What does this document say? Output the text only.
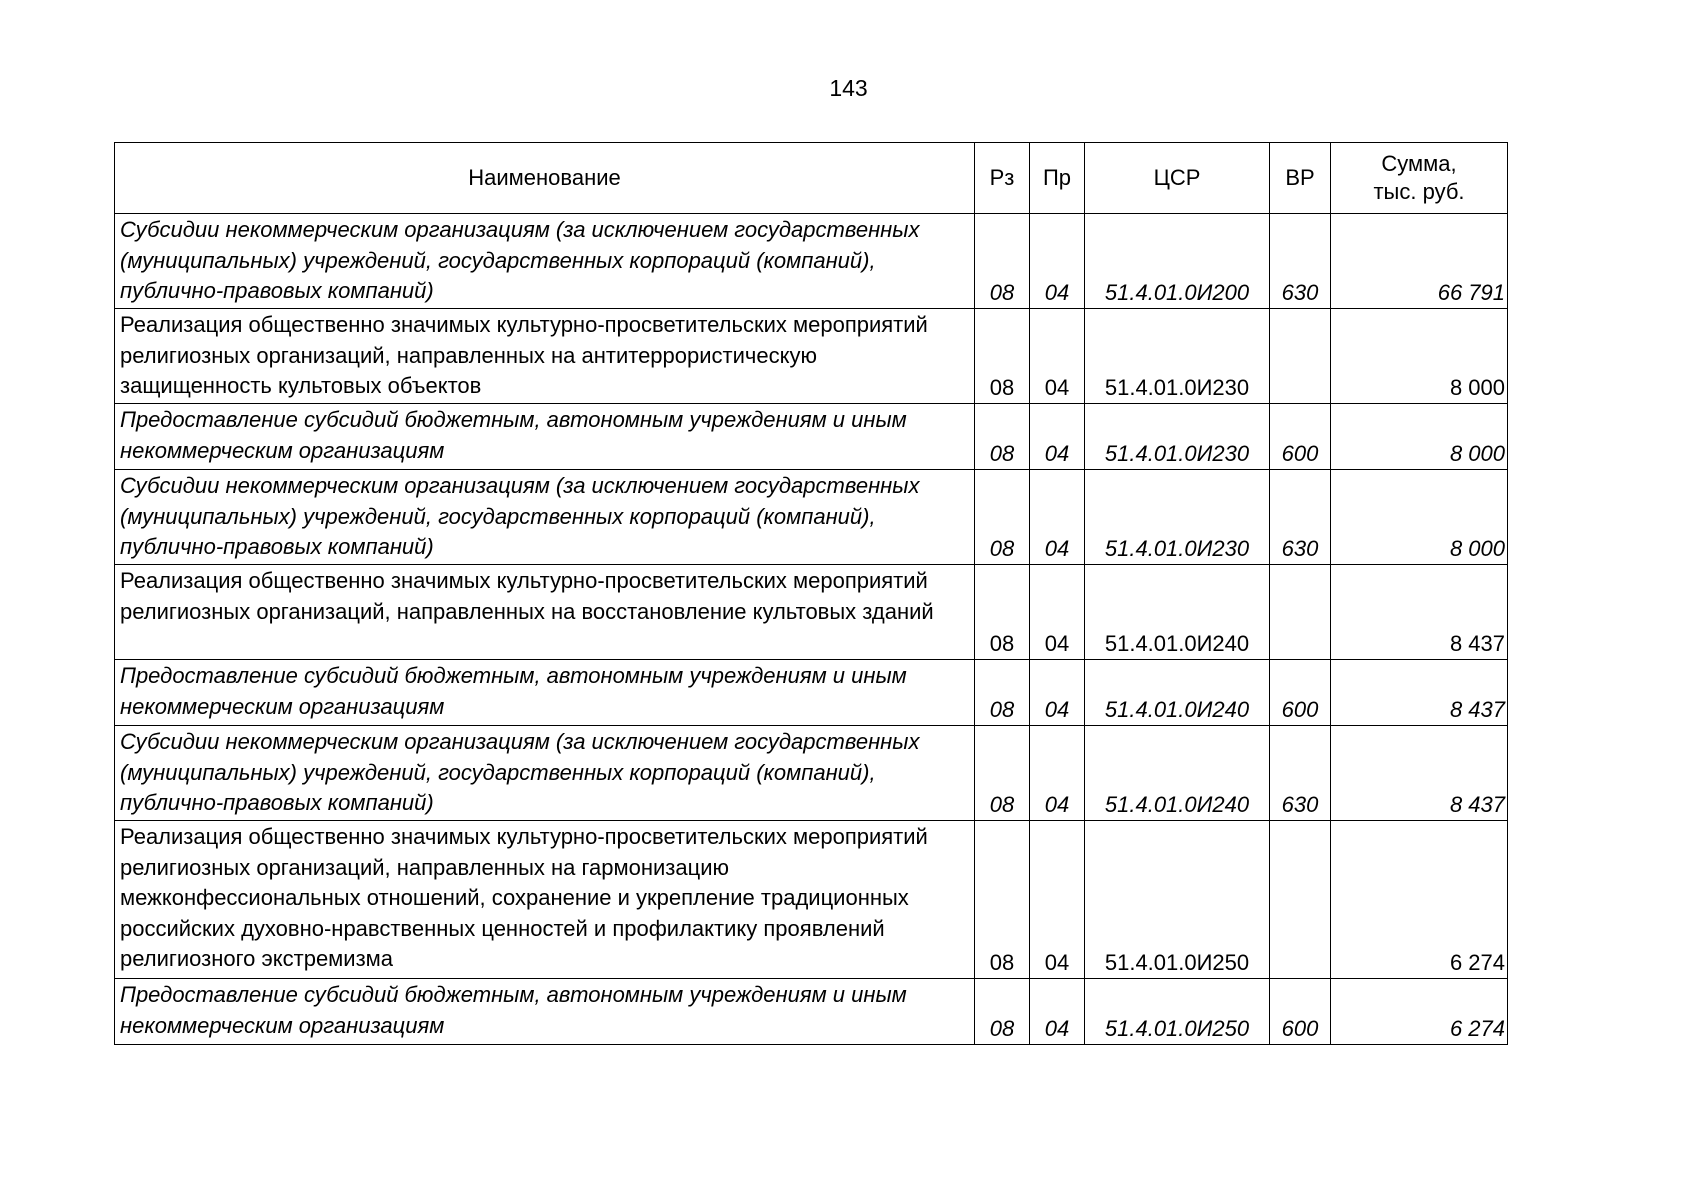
143
Наименование	Рз	Пр	ЦСР	ВР	Сумма,
тыс. руб.

Субсидии некоммерческим организациям (за исключением государственных (муниципальных) учреждений, государственных корпораций (компаний), публично-правовых компаний)	08	04	51.4.01.0И200	630	66 791
Реализация общественно значимых культурно-просветительских мероприятий религиозных организаций, направленных на антитеррористическую защищенность культовых объектов	08	04	51.4.01.0И230		8 000
Предоставление субсидий бюджетным, автономным учреждениям и иным некоммерческим организациям	08	04	51.4.01.0И230	600	8 000
Субсидии некоммерческим организациям (за исключением государственных (муниципальных) учреждений, государственных корпораций (компаний), публично-правовых компаний)	08	04	51.4.01.0И230	630	8 000
Реализация общественно значимых культурно-просветительских мероприятий религиозных организаций, направленных на восстановление культовых зданий	08	04	51.4.01.0И240		8 437
Предоставление субсидий бюджетным, автономным учреждениям и иным некоммерческим организациям	08	04	51.4.01.0И240	600	8 437
Субсидии некоммерческим организациям (за исключением государственных (муниципальных) учреждений, государственных корпораций (компаний), публично-правовых компаний)	08	04	51.4.01.0И240	630	8 437
Реализация общественно значимых культурно-просветительских мероприятий религиозных организаций, направленных на гармонизацию межконфессиональных отношений, сохранение и укрепление традиционных российских духовно-нравственных ценностей и профилактику проявлений религиозного экстремизма	08	04	51.4.01.0И250		6 274
Предоставление субсидий бюджетным, автономным учреждениям и иным некоммерческим организациям	08	04	51.4.01.0И250	600	6 274
